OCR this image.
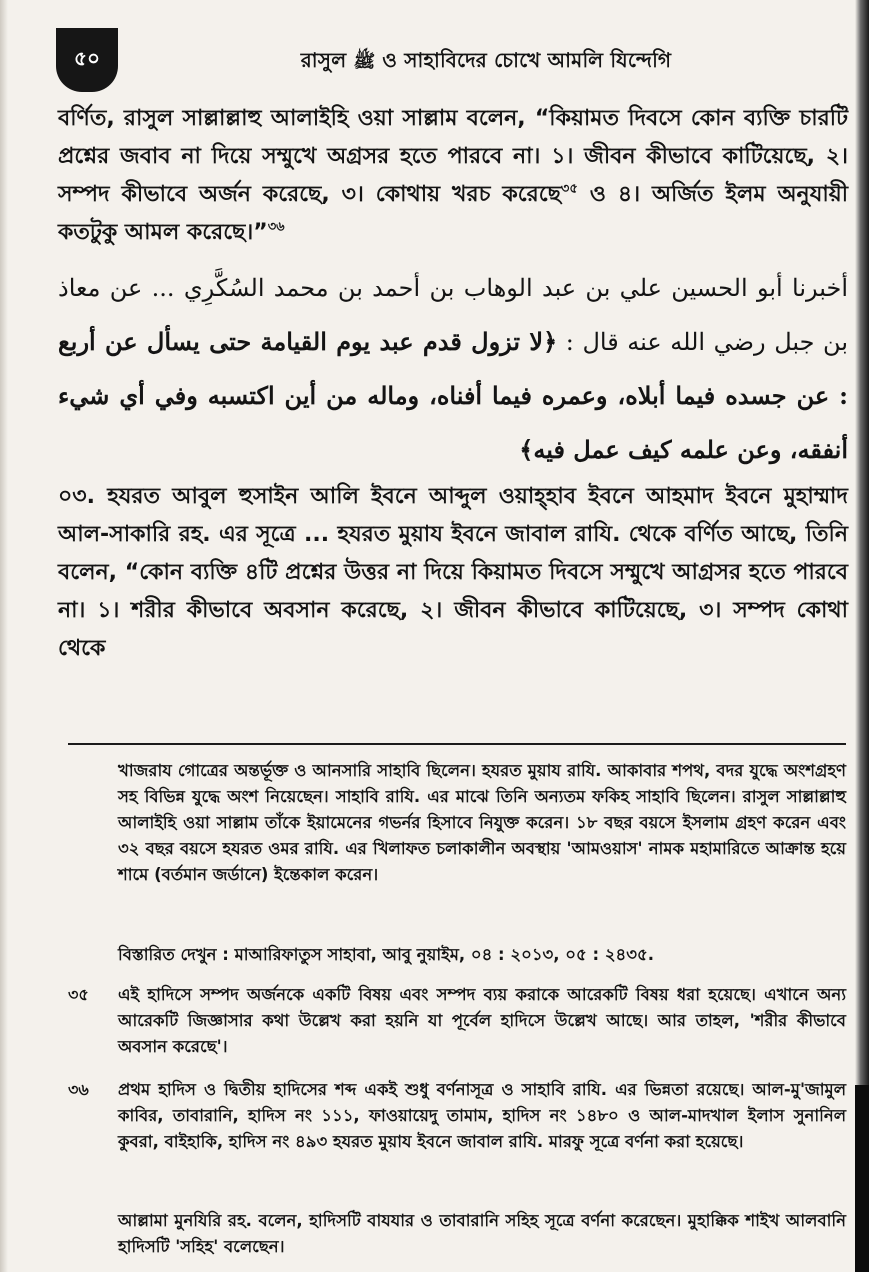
৫০	রাসুল ﷺ ও সাহাবিদের চোখে আমলি যিন্দেগি
বর্ণিত, রাসুল সাল্লাল্লাহু আলাইহি ওয়া সাল্লাম বলেন, “কিয়ামত দিবসে কোন ব্যক্তি চারটি প্রশ্নের জবাব না দিয়ে সম্মুখে অগ্রসর হতে পারবে না। ১। জীবন কীভাবে কাটিয়েছে, ২। সম্পদ কীভাবে অর্জন করেছে, ৩। কোথায় খরচ করেছে$^{৩৫}$ ও ৪। অর্জিত ইলম অনুযায়ী কতটুকু আমল করেছে।”$^{৩৬}$
أخبرنا أبو الحسين علي بن عبد الوهاب بن أحمد بن محمد السُكَّرِي ... عن معاذ بن جبل رضي الله عنه قال : ﴿لا تزول قدم عبد يوم القيامة حتى يسأل عن أربع : عن جسده فيما أبلاه، وعمره فيما أفناه، وماله من أين اكتسبه وفي أي شيء أنفقه، وعن علمه كيف عمل فيه﴾
০৩. হযরত আবুল হুসাইন আলি ইবনে আব্দুল ওয়াহ্হাব ইবনে আহমাদ ইবনে মুহাম্মাদ আল-সাকারি রহ. এর সূত্রে ... হযরত মুয়ায ইবনে জাবাল রাযি. থেকে বর্ণিত আছে, তিনি বলেন, “কোন ব্যক্তি ৪টি প্রশ্নের উত্তর না দিয়ে কিয়ামত দিবসে সম্মুখে আগ্রসর হতে পারবে না। ১। শরীর কীভাবে অবসান করেছে, ২। জীবন কীভাবে কাটিয়েছে, ৩। সম্পদ কোথা থেকে
খাজরায গোত্রের অন্তর্ভূক্ত ও আনসারি সাহাবি ছিলেন। হযরত মুয়ায রাযি. আকাবার শপথ, বদর যুদ্ধে অংশগ্রহণ সহ বিভিন্ন যুদ্ধে অংশ নিয়েছেন। সাহাবি রাযি. এর মাঝে তিনি অন্যতম ফকিহ সাহাবি ছিলেন। রাসুল সাল্লাল্লাহু আলাইহি ওয়া সাল্লাম তাঁকে ইয়ামেনের গভর্নর হিসাবে নিযুক্ত করেন। ১৮ বছর বয়সে ইসলাম গ্রহণ করেন এবং ৩২ বছর বয়সে হযরত ওমর রাযি. এর খিলাফত চলাকালীন অবস্থায় 'আমওয়াস' নামক মহামারিতে আক্রান্ত হয়ে শামে (বর্তমান জর্ডানে) ইন্তেকাল করেন।
বিস্তারিত দেখুন : মাআরিফাতুস সাহাবা, আবু নুয়াইম, ০৪ : ২০১৩, ০৫ : ২৪৩৫.
৩৫ এই হাদিসে সম্পদ অর্জনকে একটি বিষয় এবং সম্পদ ব্যয় করাকে আরেকটি বিষয় ধরা হয়েছে। এখানে অন্য আরেকটি জিজ্ঞাসার কথা উল্লেখ করা হয়নি যা পূর্বেল হাদিসে উল্লেখ আছে। আর তাহল, 'শরীর কীভাবে অবসান করেছে'।
৩৬ প্রথম হাদিস ও দ্বিতীয় হাদিসের শব্দ একই শুধু বর্ণনাসূত্র ও সাহাবি রাযি. এর ভিন্নতা রয়েছে। আল-মু'জামুল কাবির, তাবারানি, হাদিস নং ১১১, ফাওয়ায়েদু তামাম, হাদিস নং ১৪৮০ ও আল-মাদখাল ইলাস সুনানিল কুবরা, বাইহাকি, হাদিস নং ৪৯৩ হযরত মুয়ায ইবনে জাবাল রাযি. মারফু সূত্রে বর্ণনা করা হয়েছে।
আল্লামা মুনযিরি রহ. বলেন, হাদিসটি বাযযার ও তাবারানি সহিহ সূত্রে বর্ণনা করেছেন। মুহাক্কিক শাইখ আলবানি হাদিসটি 'সহিহ' বলেছেন।
